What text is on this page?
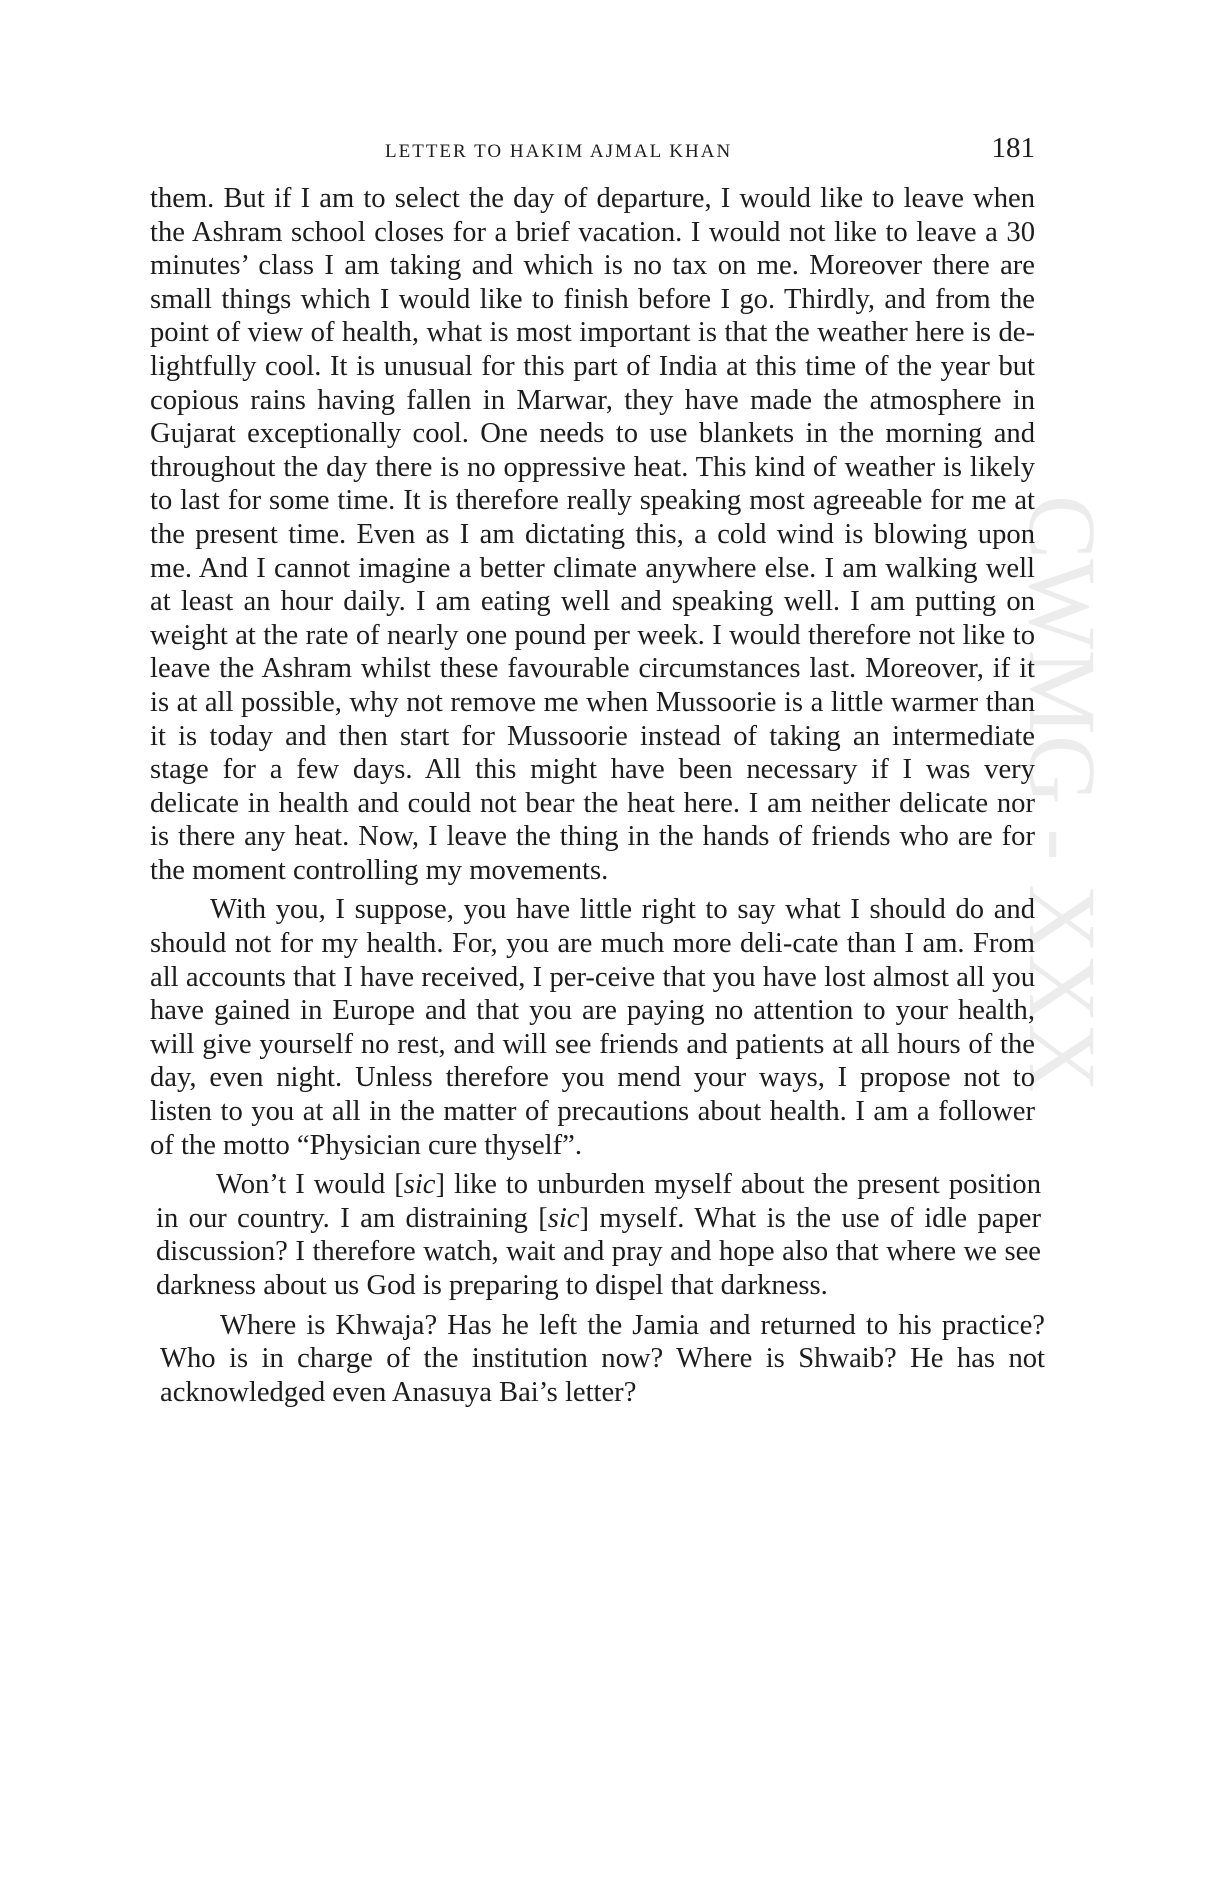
CWMG - XXX
LETTER TO HAKIM AJMAL KHAN	181

them. But if I am to select the day of departure, I would like to leave when the Ashram school closes for a brief vacation. I would not like to leave a 30 minutes’ class I am taking and which is no tax on me. Moreover there are small things which I would like to finish before I go. Thirdly, and from the point of view of health, what is most important is that the weather here is de-lightfully cool. It is unusual for this part of India at this time of the year but copious rains having fallen in Marwar, they have made the atmosphere in Gujarat exceptionally cool. One needs to use blankets in the morning and throughout the day there is no oppressive heat. This kind of weather is likely to last for some time. It is therefore really speaking most agreeable for me at the present time. Even as I am dictating this, a cold wind is blowing upon me. And I cannot imagine a better climate anywhere else. I am walking well at least an hour daily. I am eating well and speaking well. I am putting on weight at the rate of nearly one pound per week. I would therefore not like to leave the Ashram whilst these favourable circumstances last. Moreover, if it is at all possible, why not remove me when Mussoorie is a little warmer than it is today and then start for Mussoorie instead of taking an intermediate stage for a few days. All this might have been necessary if I was very delicate in health and could not bear the heat here. I am neither delicate nor is there any heat. Now, I leave the thing in the hands of friends who are for the moment controlling my movements.

With you, I suppose, you have little right to say what I should do and should not for my health. For, you are much more deli-cate than I am. From all accounts that I have received, I per-ceive that you have lost almost all you have gained in Europe and that you are paying no attention to your health, will give yourself no rest, and will see friends and patients at all hours of the day, even night. Unless therefore you mend your ways, I propose not to listen to you at all in the matter of precautions about health. I am a follower of the motto “Physician cure thyself”.

Won’t I would [sic] like to unburden myself about the present position in our country. I am distraining [sic] myself. What is the use of idle paper discussion? I therefore watch, wait and pray and hope also that where we see darkness about us God is preparing to dispel that darkness.

Where is Khwaja? Has he left the Jamia and returned to his practice? Who is in charge of the institution now? Where is Shwaib? He has not acknowledged even Anasuya Bai’s letter?
